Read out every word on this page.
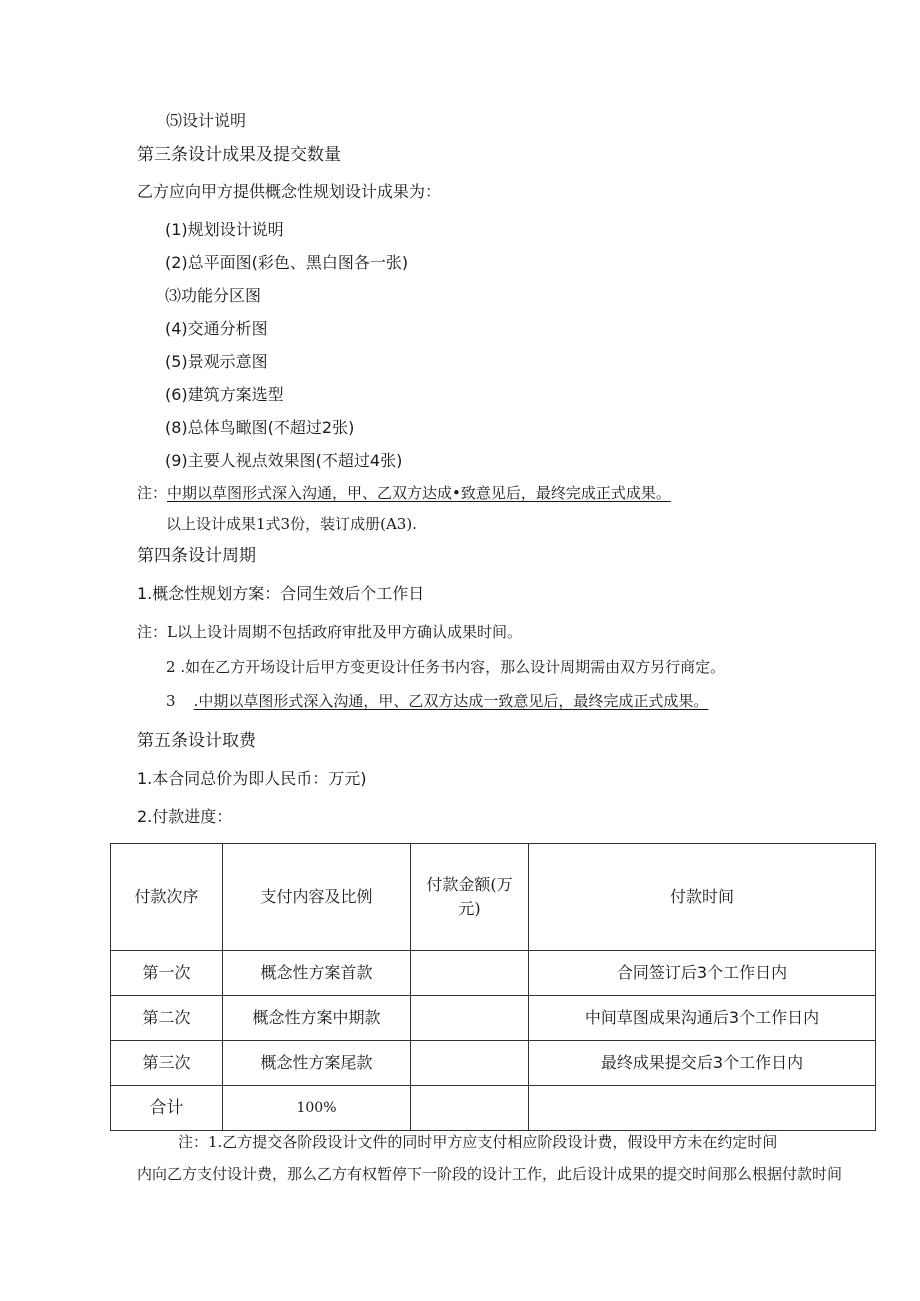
⑸设计说明
第三条设计成果及提交数量
乙方应向甲方提供概念性规划设计成果为：
(1)规划设计说明
(2)总平面图(彩色、黑白图各一张)
⑶功能分区图
(4)交通分析图
(5)景观示意图
(6)建筑方案选型
(8)总体鸟瞰图(不超过2张)
(9)主要人视点效果图(不超过4张)
注：中期以草图形式深入沟通，甲、乙双方达成•致意见后，最终完成正式成果。
以上设计成果1式3份，装订成册(A3).
第四条设计周期
1.概念性规划方案：合同生效后个工作日
注：L以上设计周期不包括政府审批及甲方确认成果时间。
2	.如在乙方开场设计后甲方变更设计任务书内容，那么设计周期需由双方另行商定。
3 .中期以草图形式深入沟通，甲、乙双方达成一致意见后，最终完成正式成果。
第五条设计取费
1.本合同总价为即人民币：万元)
2.付款进度：
付款次序	支付内容及比例	付款金额(万元)	付款时间
第一次	概念性方案首款		合同签订后3个工作日内
第二次	概念性方案中期款		中间草图成果沟通后3个工作日内
第三次	概念性方案尾款		最终成果提交后3个工作日内
合计	100%		
注：1.乙方提交各阶段设计文件的同时甲方应支付相应阶段设计费，假设甲方未在约定时间
内向乙方支付设计费，那么乙方有权暂停下一阶段的设计工作，此后设计成果的提交时间那么根据付款时间
